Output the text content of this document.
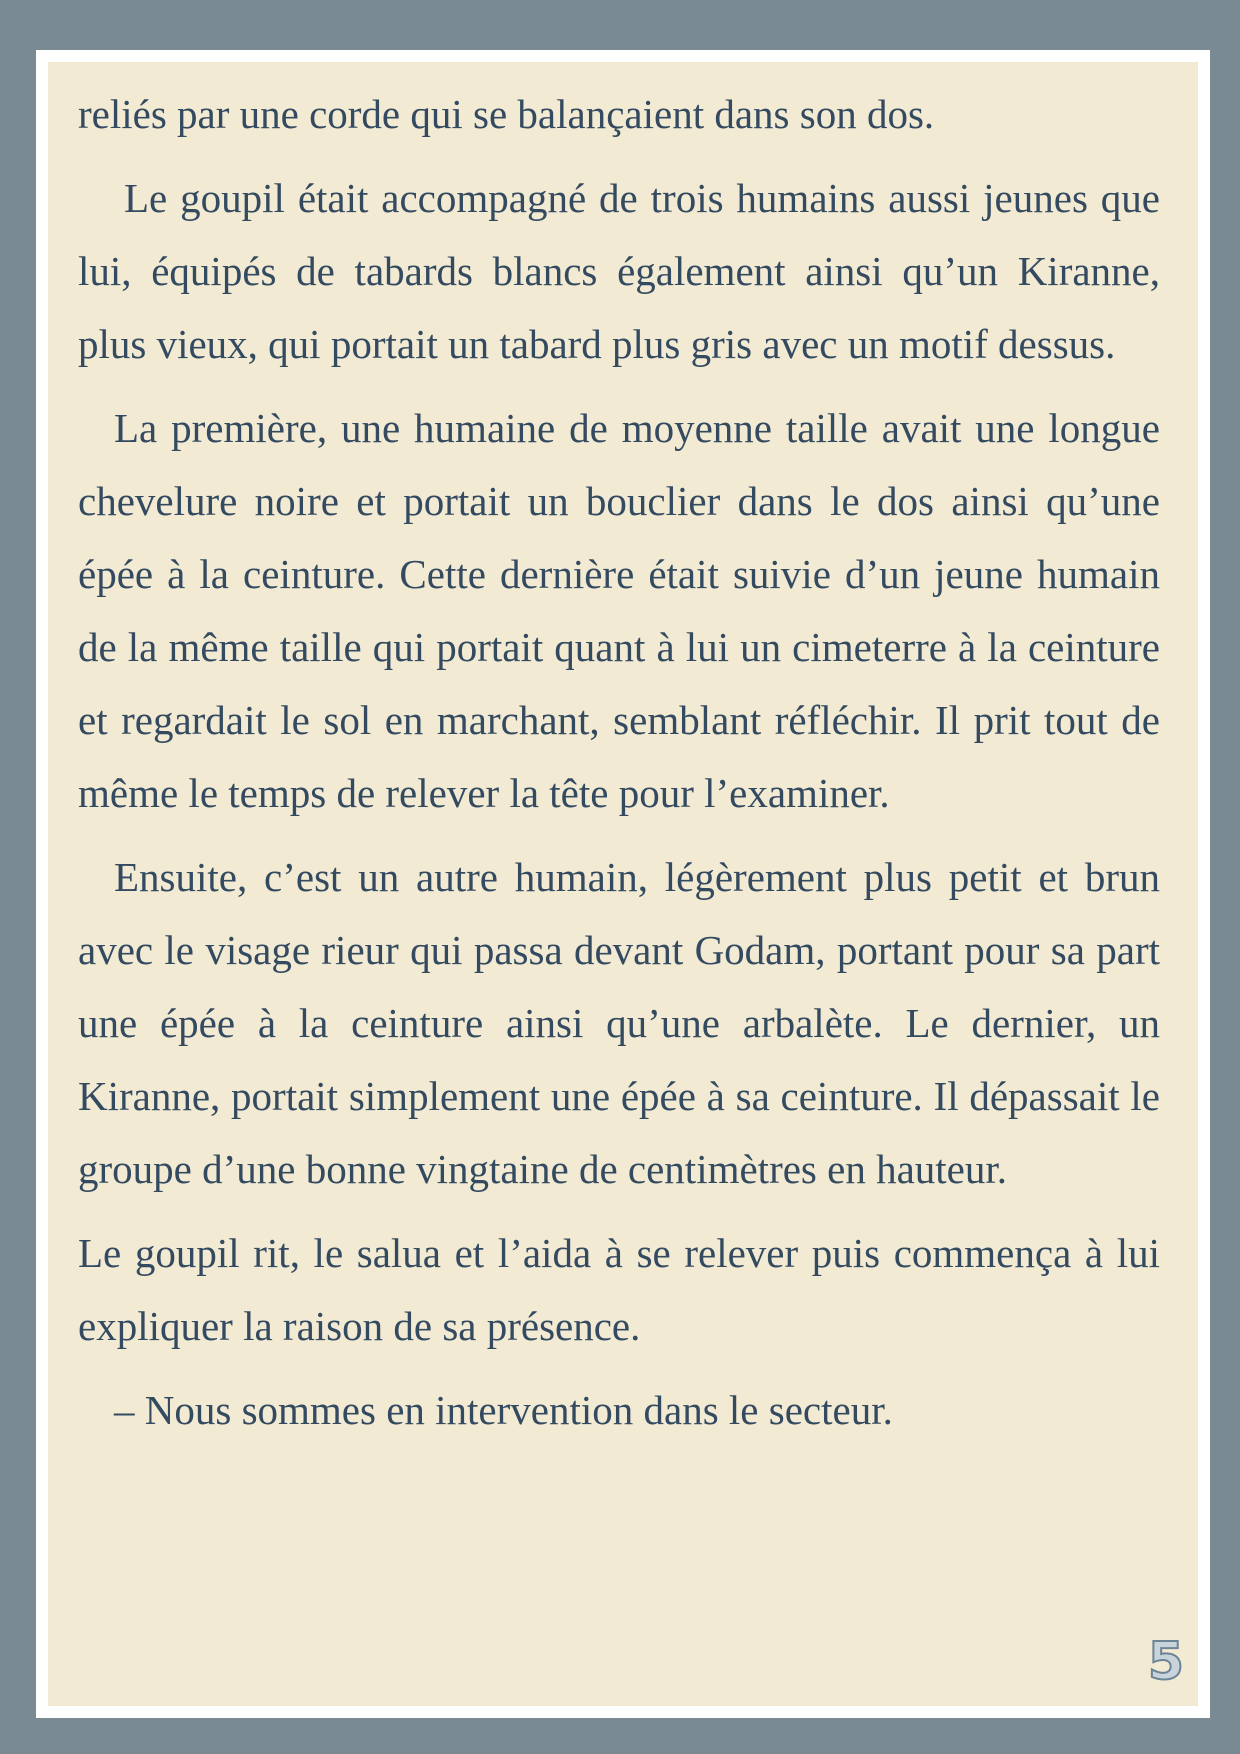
reliés par une corde qui se balançaient dans son dos.

Le goupil était accompagné de trois humains aussi jeunes que lui, équipés de tabards blancs également ainsi qu’un Kiranne, plus vieux, qui portait un tabard plus gris avec un motif dessus.

La première, une humaine de moyenne taille avait une longue chevelure noire et portait un bouclier dans le dos ainsi qu’une épée à la ceinture. Cette dernière était suivie d’un jeune humain de la même taille qui portait quant à lui un cimeterre à la ceinture et regardait le sol en marchant, semblant réfléchir. Il prit tout de même le temps de relever la tête pour l’examiner.

Ensuite, c’est un autre humain, légèrement plus petit et brun avec le visage rieur qui passa devant Godam, portant pour sa part une épée à la ceinture ainsi qu’une arbalète. Le dernier, un Kiranne, portait simplement une épée à sa ceinture. Il dépassait le groupe d’une bonne vingtaine de centimètres en hauteur.

Le goupil rit, le salua et l’aida à se relever puis commença à lui expliquer la raison de sa présence.

– Nous sommes en intervention dans le secteur.

5
